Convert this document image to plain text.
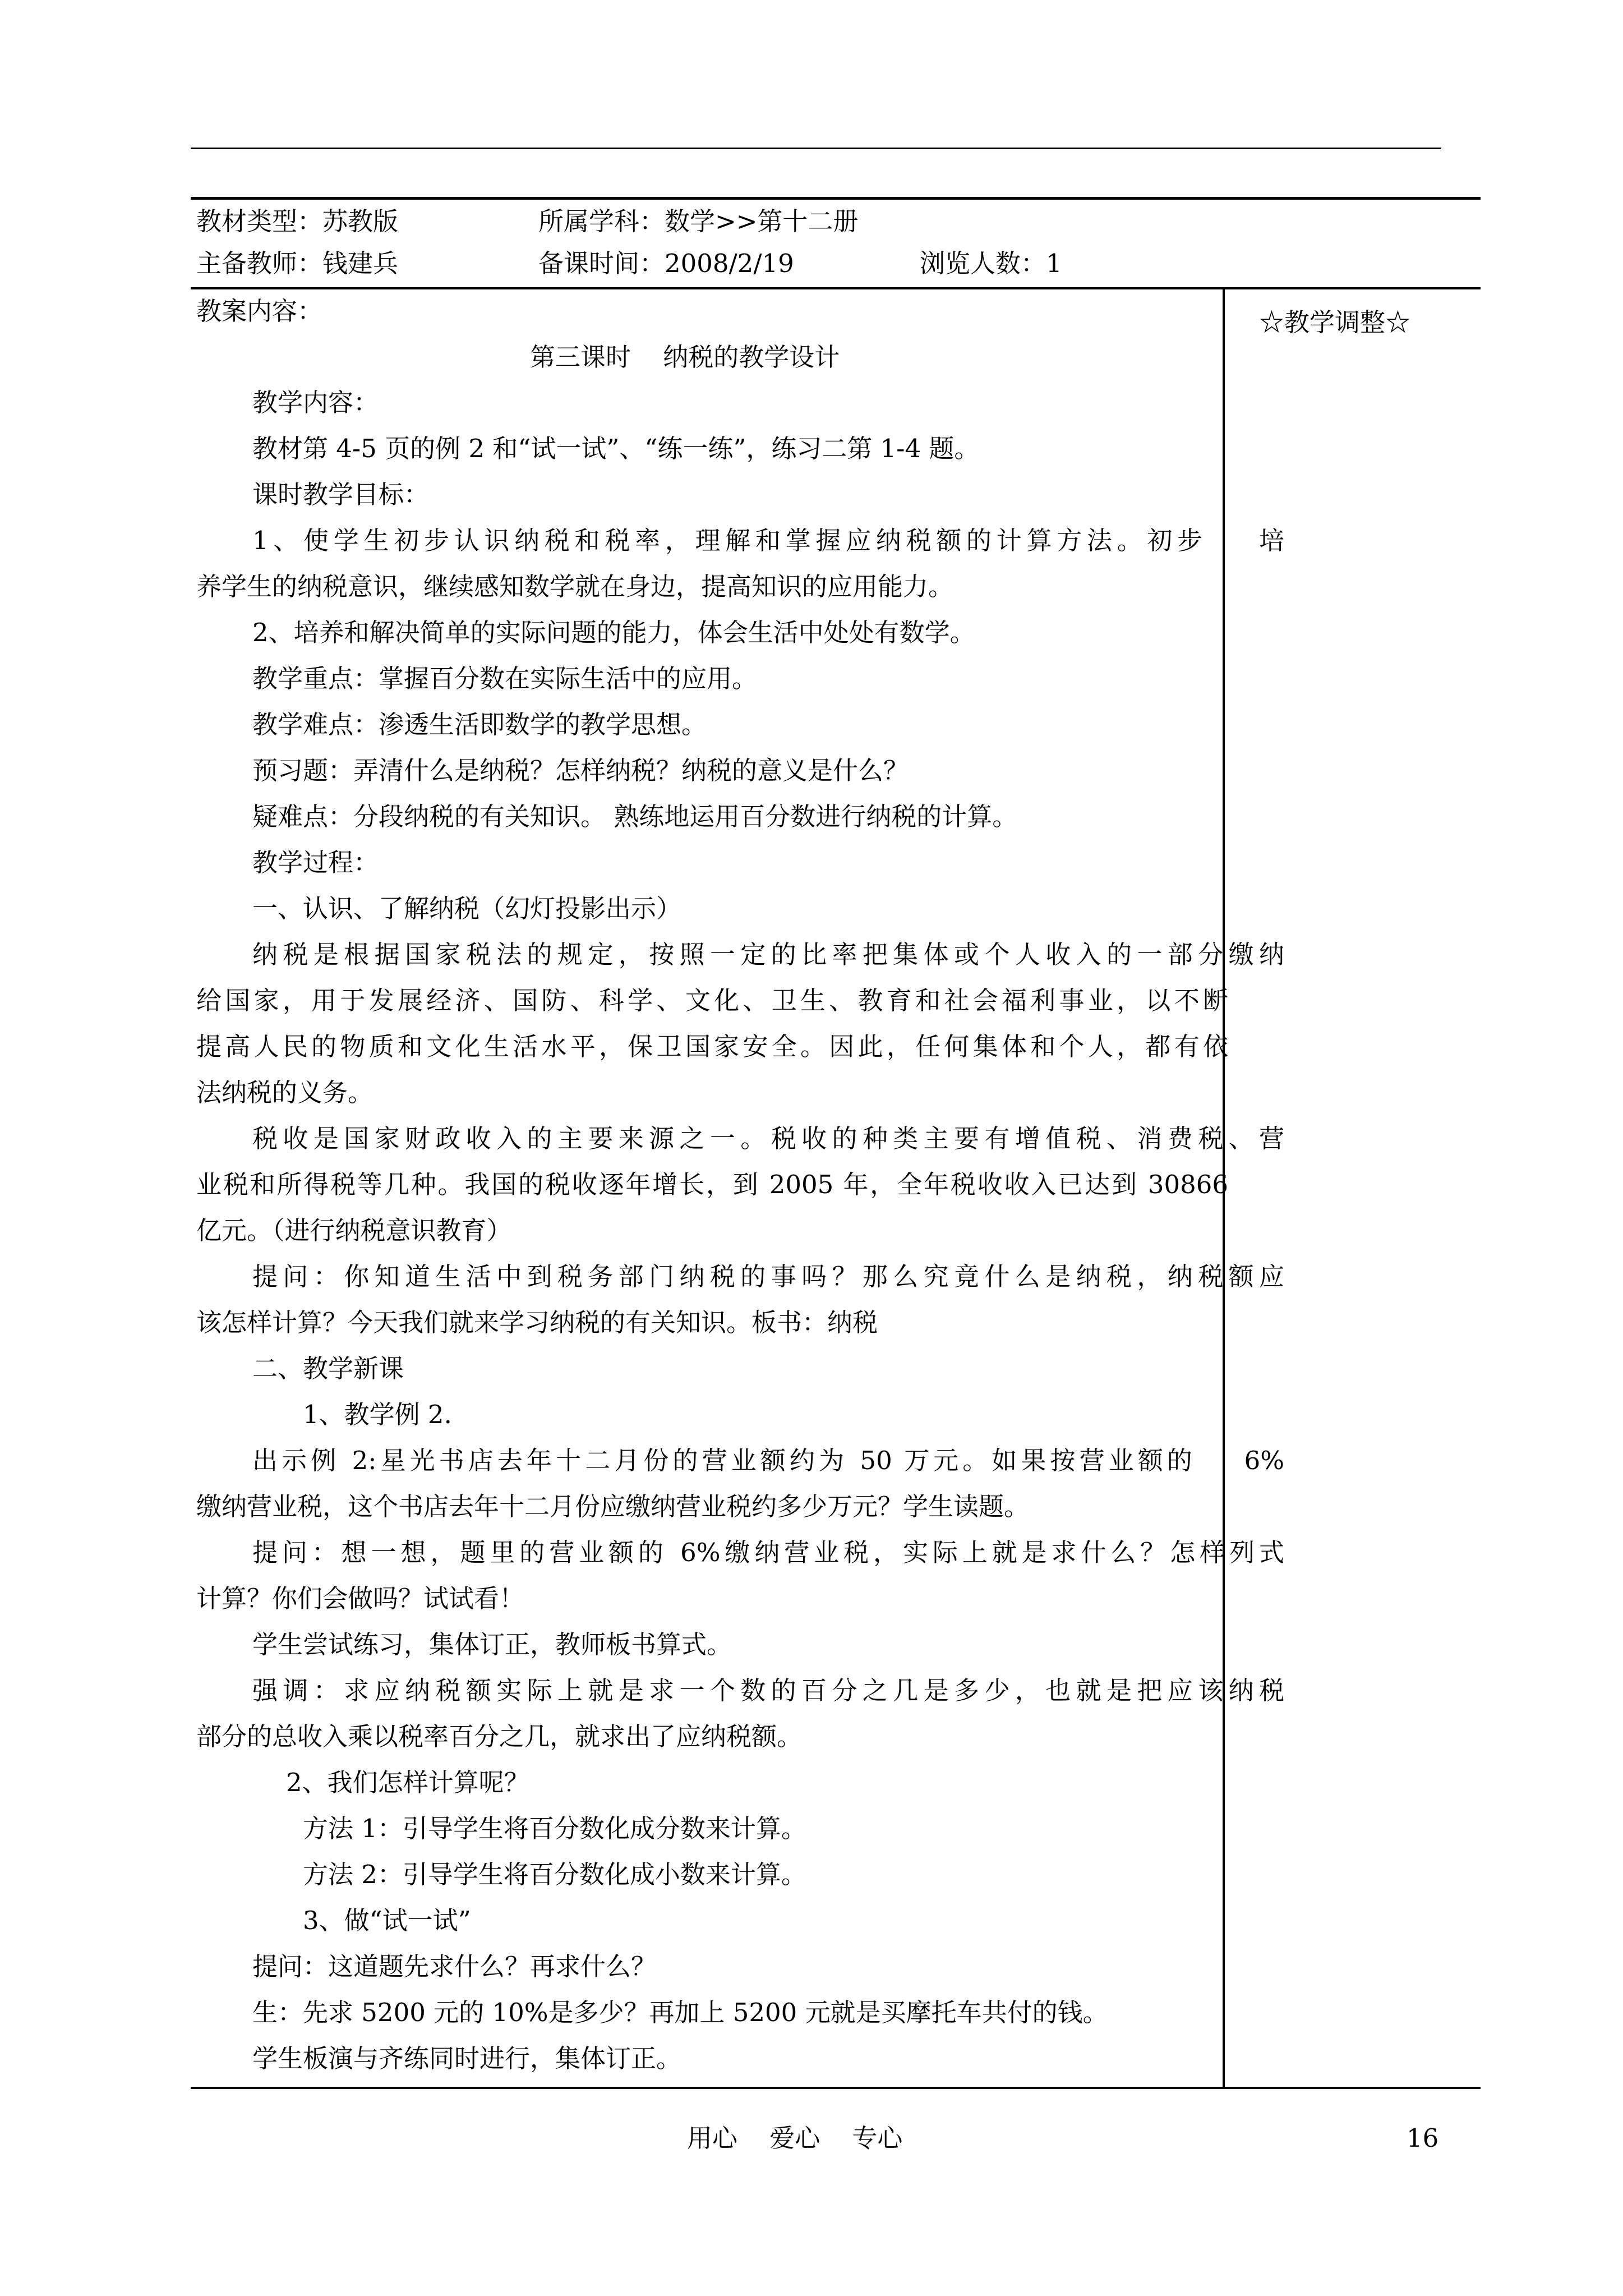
教材类型：苏教版	所属学科：数学>>第十二册
主备教师：钱建兵	备课时间：2008/2/19	浏览人数：1
教案内容：
第三课时    纳税的教学设计
☆教学调整☆
教学内容：
教材第 4-5 页的例 2 和“试一试”、“练一练”，练习二第 1-4 题。
课时教学目标：
1、使学生初步认识纳税和税率，理解和掌握应纳税额的计算方法。初步    培
养学生的纳税意识，继续感知数学就在身边，提高知识的应用能力。
2、培养和解决简单的实际问题的能力，体会生活中处处有数学。
教学重点：掌握百分数在实际生活中的应用。
教学难点：渗透生活即数学的教学思想。
预习题：弄清什么是纳税？怎样纳税？纳税的意义是什么？
疑难点：分段纳税的有关知识。 熟练地运用百分数进行纳税的计算。
教学过程：
一、认识、了解纳税（幻灯投影出示）
纳税是根据国家税法的规定，按照一定的比率把集体或个人收入的一部分缴纳
给国家，用于发展经济、国防、科学、文化、卫生、教育和社会福利事业，以不断
提高人民的物质和文化生活水平，保卫国家安全。因此，任何集体和个人，都有依
法纳税的义务。
税收是国家财政收入的主要来源之一。税收的种类主要有增值税、消费税、营
业税和所得税等几种。我国的税收逐年增长，到 2005 年，全年税收收入已达到 30866
亿元。（进行纳税意识教育）
提问：你知道生活中到税务部门纳税的事吗？那么究竟什么是纳税，纳税额应
该怎样计算？今天我们就来学习纳税的有关知识。板书：纳税
二、教学新课
1、教学例 2.
出示例 2:星光书店去年十二月份的营业额约为 50 万元。如果按营业额的    6%
缴纳营业税，这个书店去年十二月份应缴纳营业税约多少万元？学生读题。
提问：想一想，题里的营业额的 6%缴纳营业税，实际上就是求什么？怎样列式
计算？你们会做吗？试试看！
学生尝试练习，集体订正，教师板书算式。
强调：求应纳税额实际上就是求一个数的百分之几是多少，也就是把应该纳税
部分的总收入乘以税率百分之几，就求出了应纳税额。
2、我们怎样计算呢？
方法 1：引导学生将百分数化成分数来计算。
方法 2：引导学生将百分数化成小数来计算。
3、做“试一试”
提问：这道题先求什么？再求什么？
生：先求 5200 元的 10%是多少？再加上 5200 元就是买摩托车共付的钱。
学生板演与齐练同时进行，集体订正。
用心    爱心    专心	16
